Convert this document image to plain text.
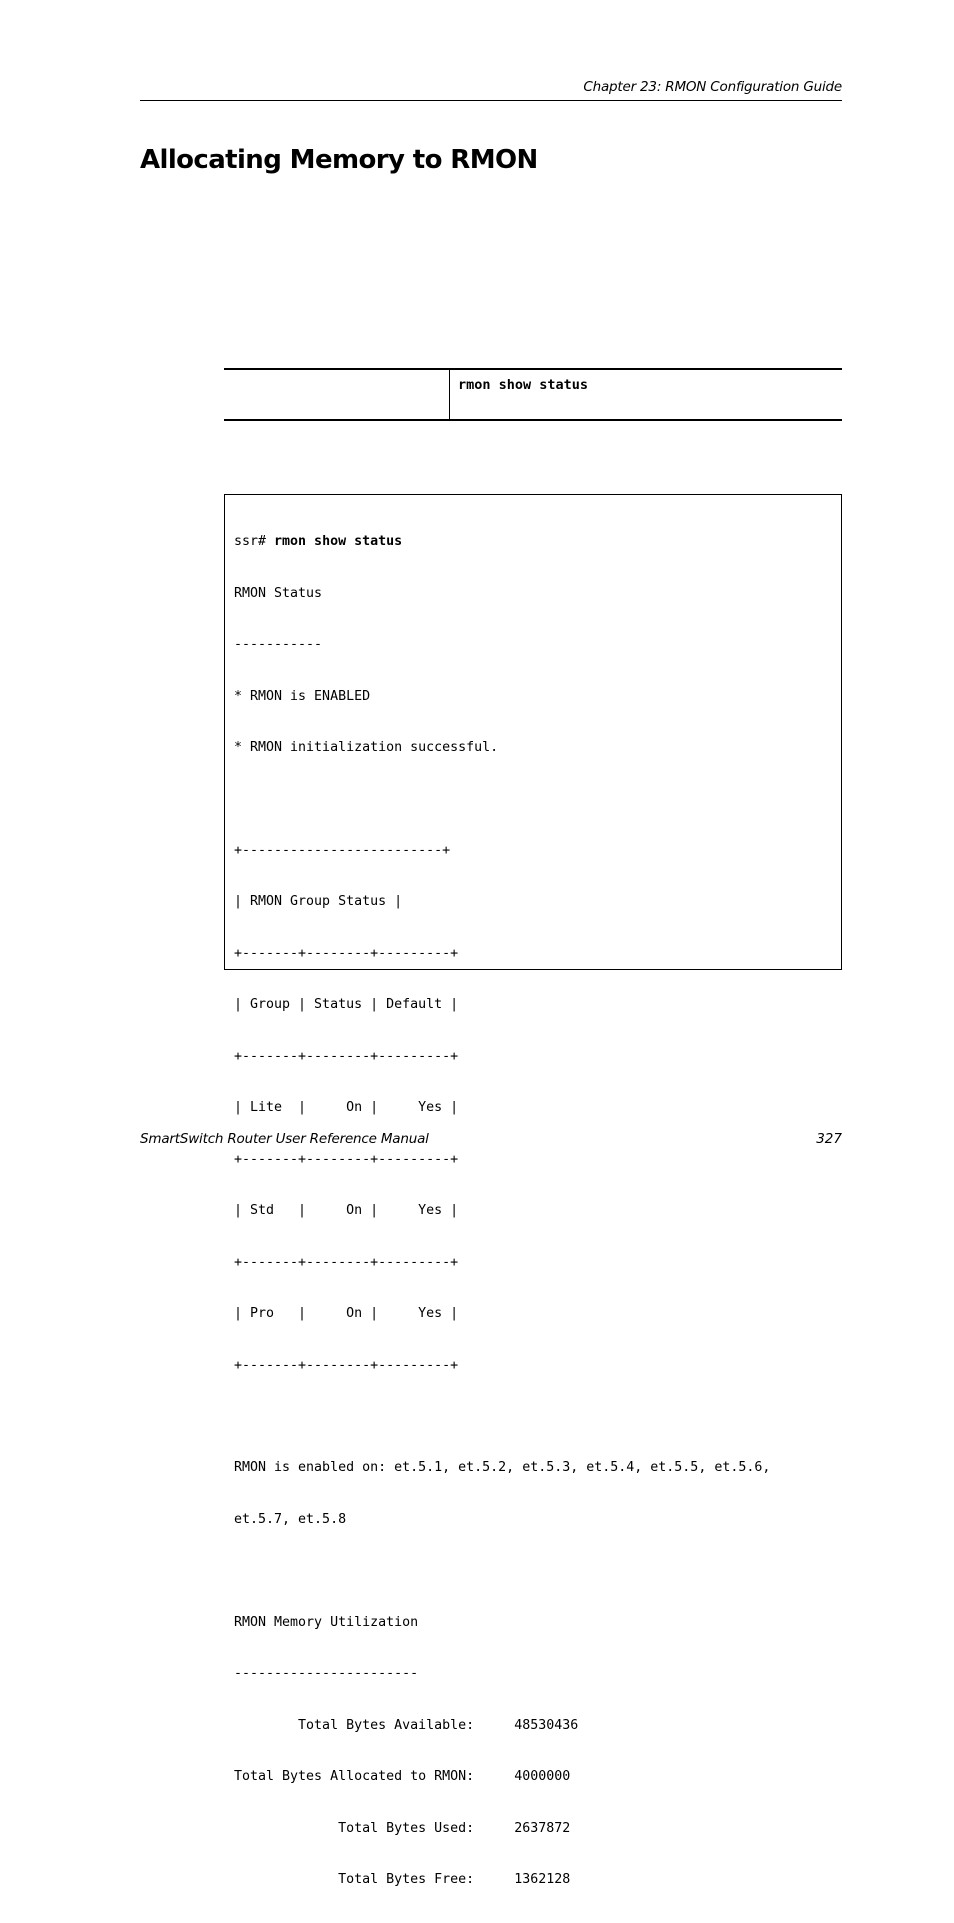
Chapter 23: RMON Configuration Guide
Allocating Memory to RMON
rmon show status

ssr# rmon show status

RMON Status

-----------

* RMON is ENABLED

* RMON initialization successful.

+-------------------------+

| RMON Group Status |

+-------+--------+---------+

| Group | Status | Default |

+-------+--------+---------+

| Lite  |     On |     Yes |

+-------+--------+---------+

| Std   |     On |     Yes |

+-------+--------+---------+

| Pro   |     On |     Yes |

+-------+--------+---------+

RMON is enabled on: et.5.1, et.5.2, et.5.3, et.5.4, et.5.5, et.5.6,

et.5.7, et.5.8

RMON Memory Utilization

-----------------------

Total Bytes Available:     48530436

Total Bytes Allocated to RMON:     4000000

Total Bytes Used:     2637872

Total Bytes Free:     1362128

SmartSwitch Router User Reference Manual	327
